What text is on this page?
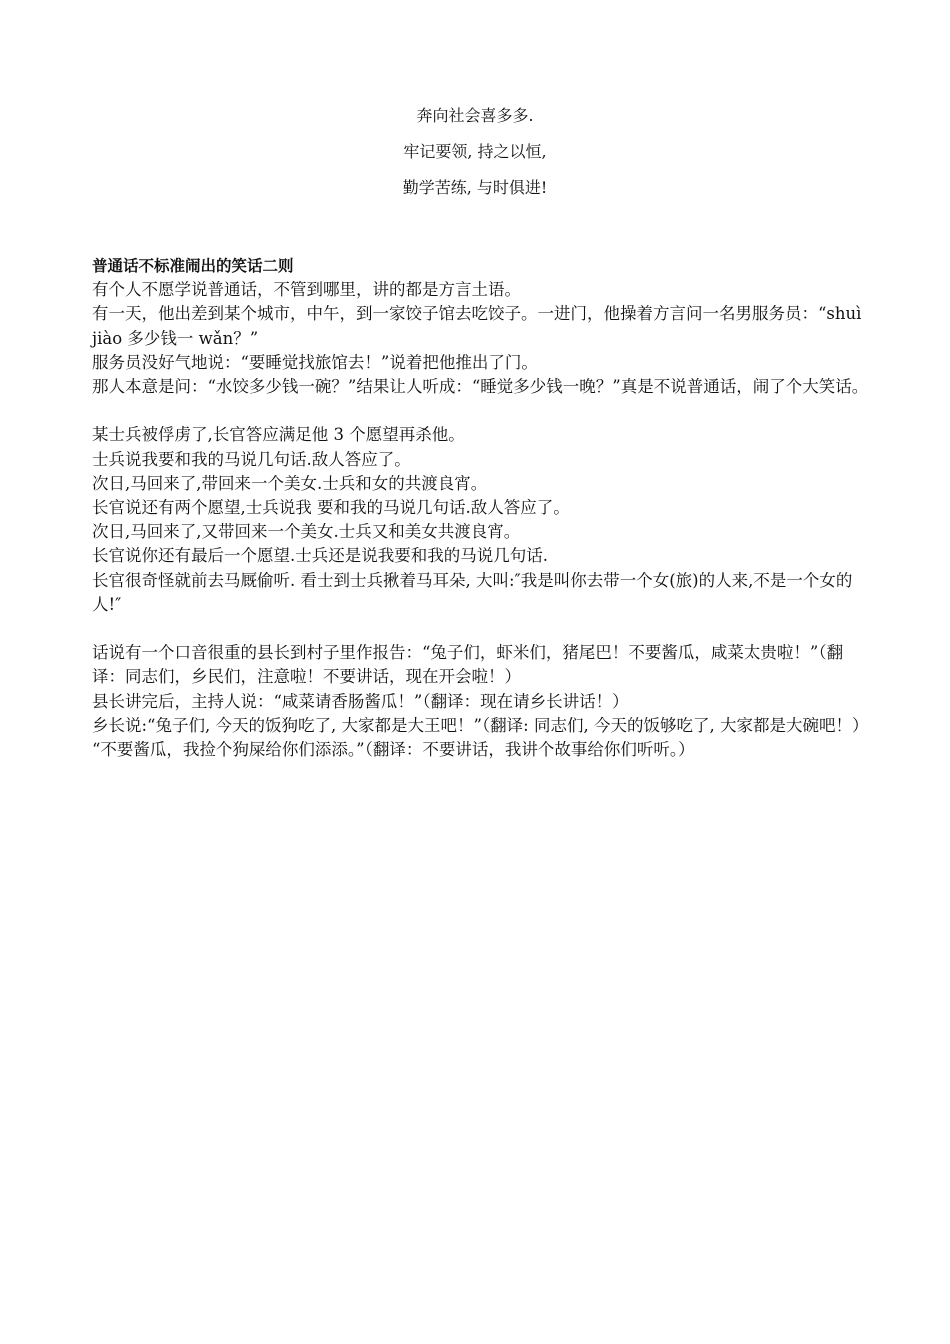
奔向社会喜多多.
牢记要领, 持之以恒,
勤学苦练, 与时俱进!

普通话不标准闹出的笑话二则

有个人不愿学说普通话，不管到哪里，讲的都是方言土语。

有一天，他出差到某个城市，中午，到一家饺子馆去吃饺子。一进门，他操着方言问一名男服务员：“shuì jiào 多少钱一 wǎn？”

服务员没好气地说：“要睡觉找旅馆去！”说着把他推出了门。

那人本意是问：“水饺多少钱一碗？”结果让人听成：“睡觉多少钱一晚？”真是不说普通话，闹了个大笑话。

某士兵被俘虏了,长官答应满足他 3 个愿望再杀他。

士兵说我要和我的马说几句话.敌人答应了。

次日,马回来了,带回来一个美女.士兵和女的共渡良宵。

长官说还有两个愿望,士兵说我 要和我的马说几句话.敌人答应了。

次日,马回来了,又带回来一个美女.士兵又和美女共渡良宵。

长官说你还有最后一个愿望.士兵还是说我要和我的马说几句话.

长官很奇怪就前去马厩偷听. 看士到士兵揪着马耳朵, 大叫:″我是叫你去带一个女(旅)的人来,不是一个女的人!″

话说有一个口音很重的县长到村子里作报告：“兔子们，虾米们，猪尾巴！不要酱瓜，咸菜太贵啦！”（翻译：同志们，乡民们，注意啦！不要讲话，现在开会啦！）

县长讲完后，主持人说：“咸菜请香肠酱瓜！”（翻译：现在请乡长讲话！）

乡长说:“兔子们, 今天的饭狗吃了, 大家都是大王吧！”（翻译: 同志们, 今天的饭够吃了, 大家都是大碗吧！）

“不要酱瓜，我捡个狗屎给你们添添。”（翻译：不要讲话，我讲个故事给你们听听。）
